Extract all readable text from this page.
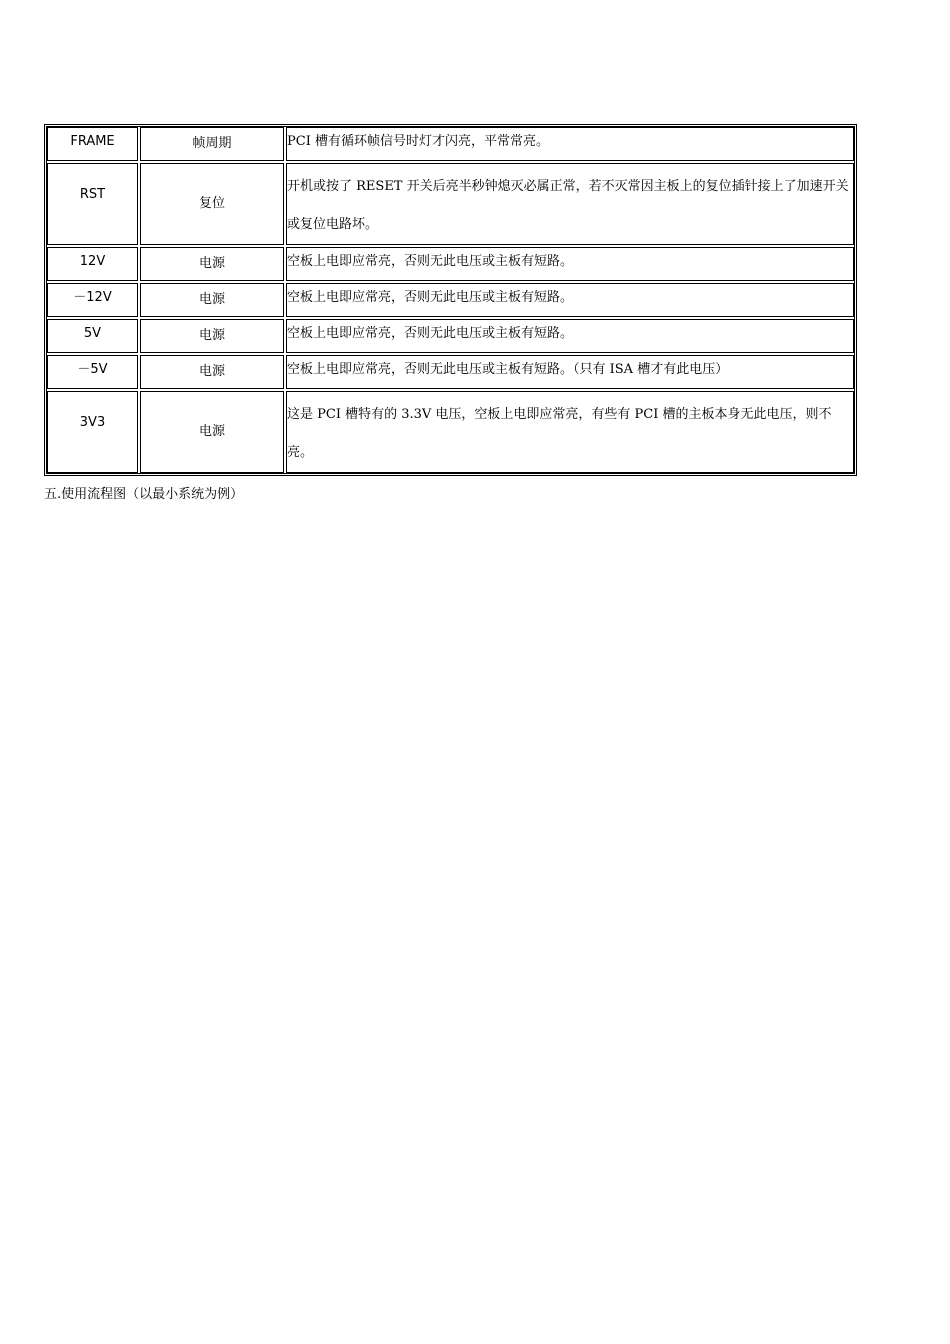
FRAME	帧周期	PCI 槽有循环帧信号时灯才闪亮，平常常亮。
RST	复位	开机或按了 RESET 开关后亮半秒钟熄灭必属正常，若不灭常因主板上的复位插针接上了加速开关或复位电路坏。
12V	电源	空板上电即应常亮，否则无此电压或主板有短路。
－12V	电源	空板上电即应常亮，否则无此电压或主板有短路。
5V	电源	空板上电即应常亮，否则无此电压或主板有短路。
－5V	电源	空板上电即应常亮，否则无此电压或主板有短路。（只有 ISA 槽才有此电压）
3V3	电源	这是 PCI 槽特有的 3.3V 电压，空板上电即应常亮，有些有 PCI 槽的主板本身无此电压，则不亮。
五.使用流程图（以最小系统为例）
